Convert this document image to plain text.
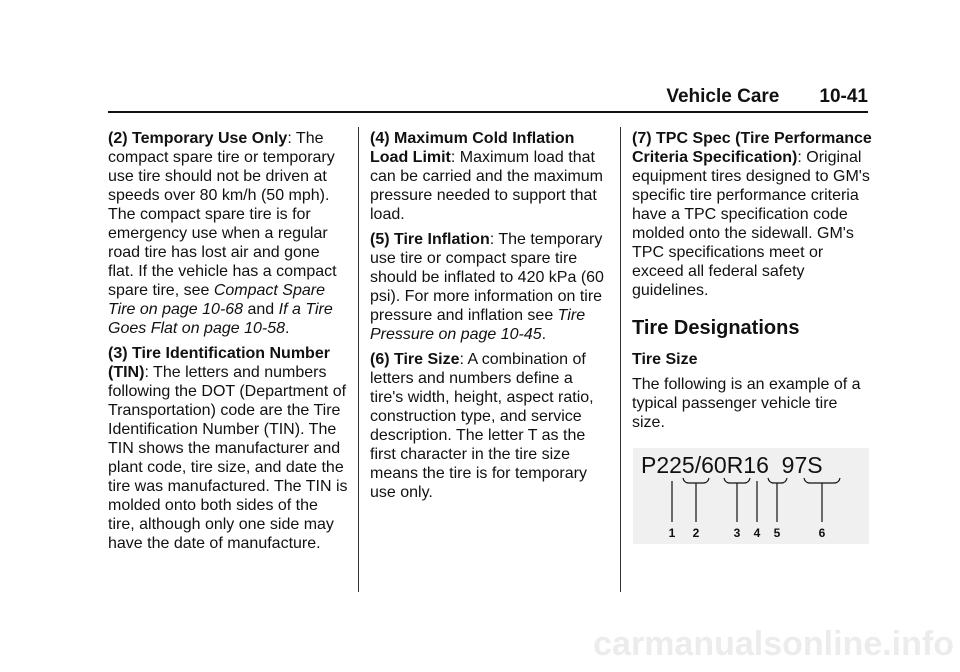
Vehicle Care 10-41

(2) Temporary Use Only: The compact spare tire or temporary use tire should not be driven at speeds over 80 km/h (50 mph). The compact spare tire is for emergency use when a regular road tire has lost air and gone flat. If the vehicle has a compact spare tire, see Compact Spare Tire on page 10-68 and If a Tire Goes Flat on page 10-58.

(3) Tire Identification Number (TIN): The letters and numbers following the DOT (Department of Transportation) code are the Tire Identification Number (TIN). The TIN shows the manufacturer and plant code, tire size, and date the tire was manufactured. The TIN is molded onto both sides of the tire, although only one side may have the date of manufacture.

(4) Maximum Cold Inflation Load Limit: Maximum load that can be carried and the maximum pressure needed to support that load.

(5) Tire Inflation: The temporary use tire or compact spare tire should be inflated to 420 kPa (60 psi). For more information on tire pressure and inflation see Tire Pressure on page 10-45.

(6) Tire Size: A combination of letters and numbers define a tire's width, height, aspect ratio, construction type, and service description. The letter T as the first character in the tire size means the tire is for temporary use only.

(7) TPC Spec (Tire Performance Criteria Specification): Original equipment tires designed to GM's specific tire performance criteria have a TPC specification code molded onto the sidewall. GM's TPC specifications meet or exceed all federal safety guidelines.

Tire Designations

Tire Size

The following is an example of a typical passenger vehicle tire size.

P225/60R16  97S
1 2	3 4 5	6
carmanualsonline.info
